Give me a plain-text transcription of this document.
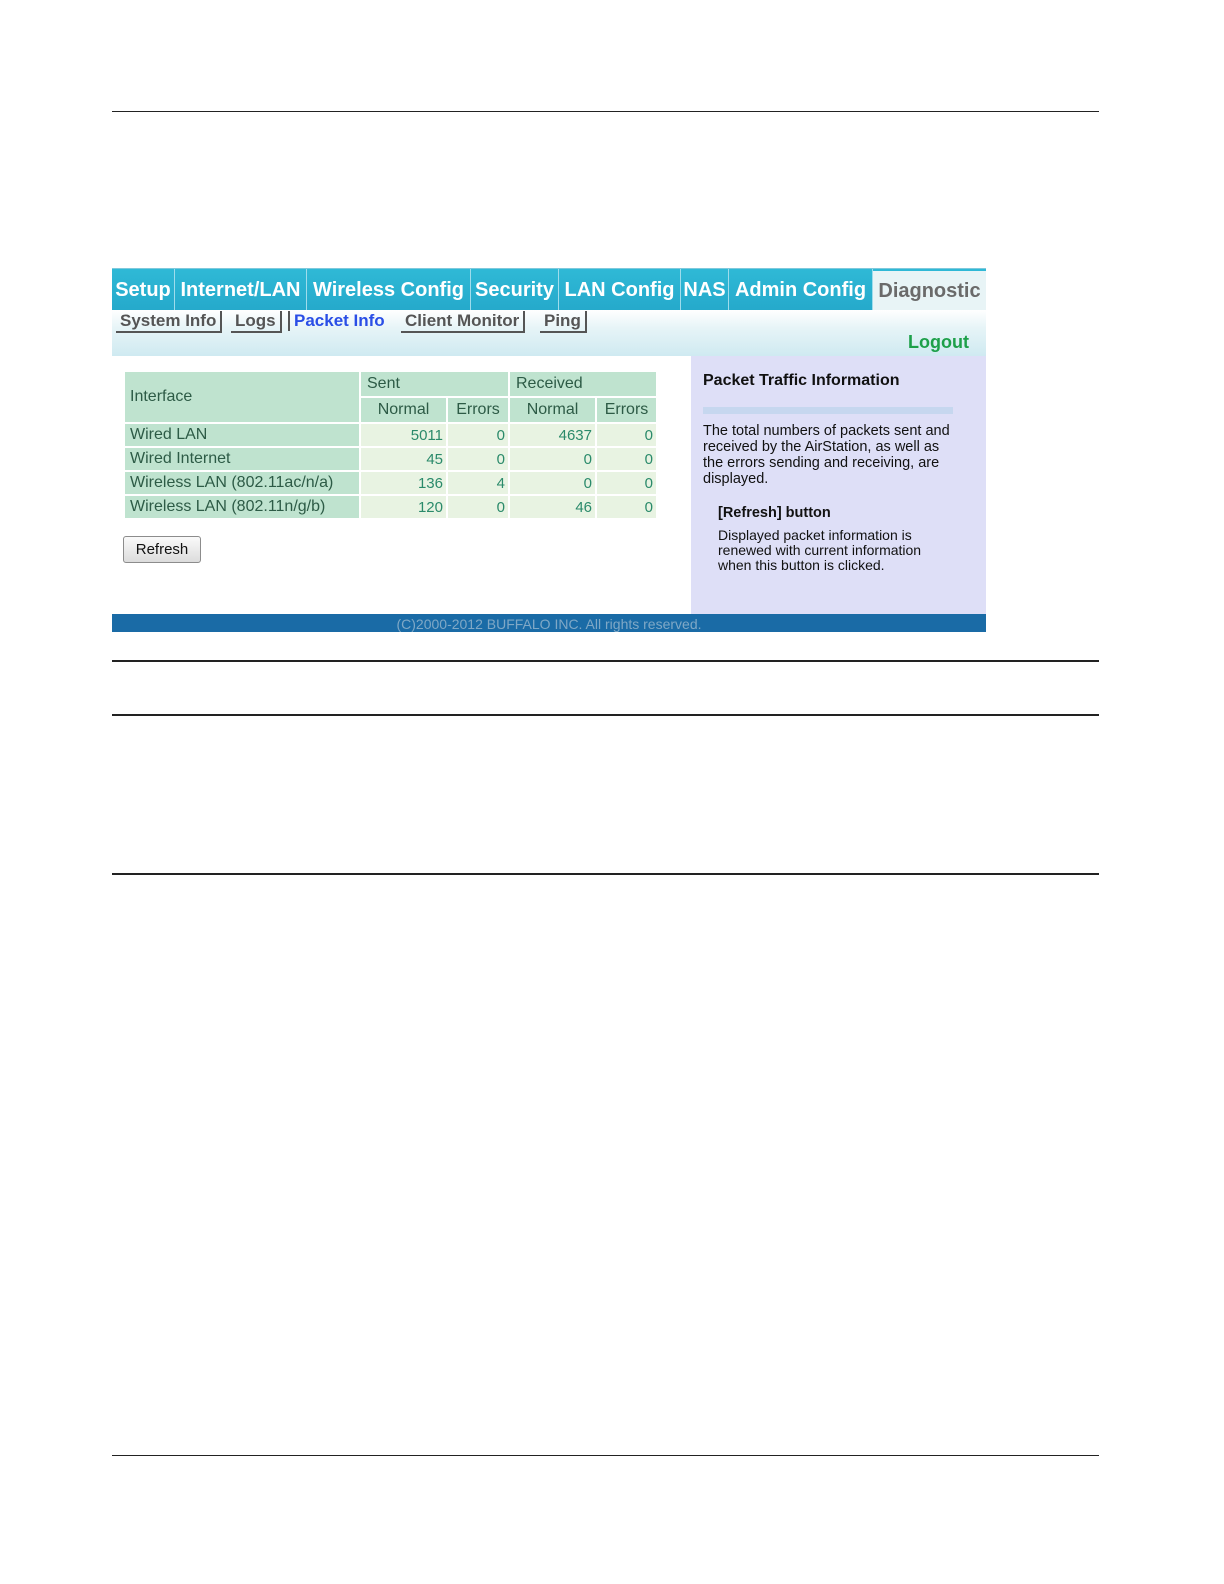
Setup Internet/LAN Wireless Config Security LAN Config NAS Admin Config Diagnostic
System Info	Logs	Packet Info Client Monitor	Ping
Logout
Interface	Sent		Received	
	Normal	Errors	Normal	Errors
Wired LAN	5011	0	4637	0
Wired Internet	45	0	0	0
Wireless LAN (802.11ac/n/a)	136	4	0	0
Wireless LAN (802.11n/g/b)	120	0	46	0
Refresh
Packet Traffic Information

The total numbers of packets sent and received by the AirStation, as well as the errors sending and receiving, are displayed.

[Refresh] button

Displayed packet information is renewed with current information when this button is clicked.

(C)2000-2012 BUFFALO INC. All rights reserved.
